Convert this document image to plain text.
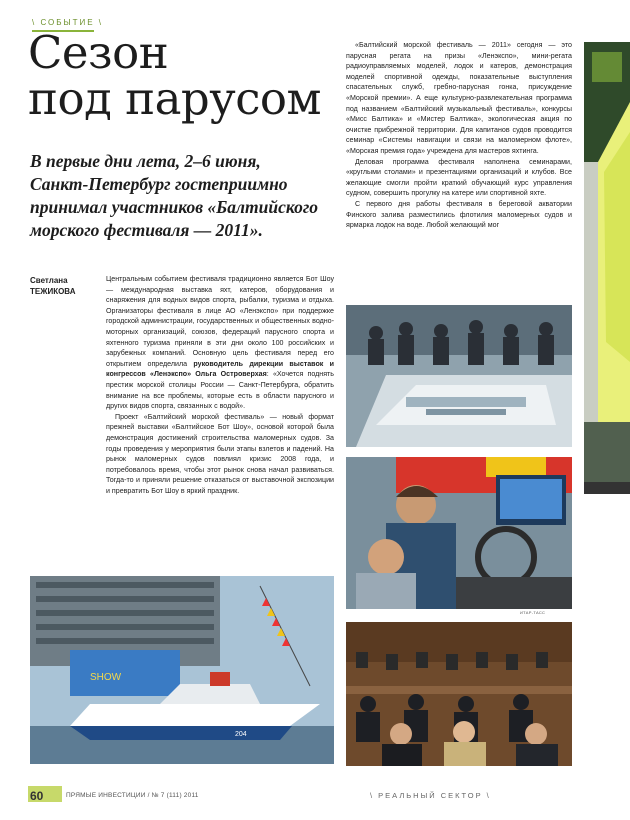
\ СОБЫТИЕ \
Сезон
под парусом
В первые дни лета, 2–6 июня,
Санкт-Петербург гостеприимно
принимал участников «Балтийского
морского фестиваля — 2011».
Светлана
ТЕЖИКОВА

Центральным событием фестиваля традиционно является Бот Шоу — международная выставка яхт, катеров, оборудования и снаряжения для водных видов спорта, рыбалки, туризма и отдыха. Организаторы фестиваля в лице АО «Ленэкспо» при поддержке городской администрации, государственных и общественных водно-моторных организаций, союзов, федераций парусного спорта и яхтенного туризма приняли в эти дни около 100 российских и зарубежных компаний. Основную цель фестиваля перед его открытием определила руководитель дирекции выставок и конгрессов «Ленэкспо» Ольга Островерхая: «Хочется поднять престиж морской столицы России — Санкт-Петербурга, обратить внимание на все проблемы, которые есть в области парусного и других видов спорта, связанных с водой».

Проект «Балтийский морской фестиваль» — новый формат прежней выставки «Балтийское Бот Шоу», основой которой была демонстрация достижений строительства маломерных судов. За годы проведения у мероприятия были этапы взлетов и падений. На рынок маломерных судов повлиял кризис 2008 года, и потребовалось время, чтобы этот рынок снова начал развиваться. Тогда-то и приняли решение отказаться от выставочной экспозиции и превратить Бот Шоу в яркий праздник.

«Балтийский морской фестиваль — 2011» сегодня — это парусная регата на призы «Ленэкспо», мини-регата радиоуправляемых моделей, лодок и катеров, демонстрация моделей спортивной одежды, показательные выступления спасательных служб, гребно-парусная гонка, присуждение «Морской премии». А еще культурно-развлекательная программа под названием «Балтийский музыкальный фестиваль», конкурсы «Мисс Балтика» и «Мистер Балтика», экологическая акция по очистке прибрежной территории. Для капитанов судов проводится семинар «Системы навигации и связи на маломерном флоте», «Морская премия года» учреждена для мастеров яхтинга.

Деловая программа фестиваля наполнена семинарами, «круглыми столами» и презентациями организаций и клубов. Все желающие смогли пройти краткий обучающий курс управления судном, совершить прогулку на катере или спортивной яхте.

С первого дня работы фестиваля в береговой акватории Финского залива разместились флотилия маломерных судов и ярмарка лодок на воде. Любой желающий мог

ИТАР-ТАСС
SHOW
204
60	ПРЯМЫЕ ИНВЕСТИЦИИ / № 7 (111) 2011	\ РЕАЛЬНЫЙ СЕКТОР \
